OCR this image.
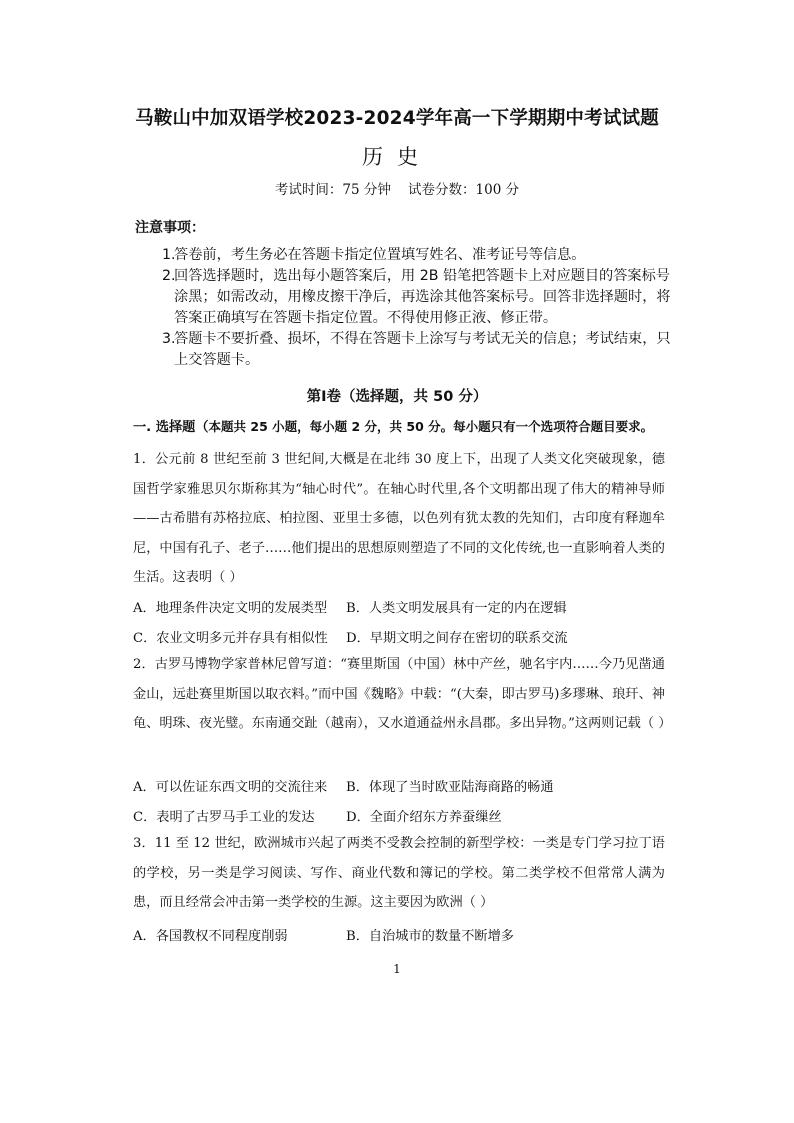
马鞍山中加双语学校2023-2024学年高一下学期期中考试试题
历史
考试时间：75 分钟    试卷分数：100 分
注意事项：
1.
答卷前，考生务必在答题卡指定位置填写姓名、准考证号等信息。
2.
回答选择题时，选出每小题答案后，用 2B 铅笔把答题卡上对应题目的答案标号涂黑；如需改动，用橡皮擦干净后，再选涂其他答案标号。回答非选择题时，将答案正确填写在答题卡指定位置。不得使用修正液、修正带。
3.
答题卡不要折叠、损坏，不得在答题卡上涂写与考试无关的信息；考试结束，只上交答题卡。
第Ⅰ卷（选择题，共 50 分）
一. 选择题（本题共 25 小题，每小题 2 分，共 50 分。每小题只有一个选项符合题目要求。
1．公元前 8 世纪至前 3 世纪间,大概是在北纬 30 度上下，出现了人类文化突破现象，德国哲学家雅思贝尔斯称其为“轴心时代”。在轴心时代里,各个文明都出现了伟大的精神导师——古希腊有苏格拉底、柏拉图、亚里士多德，以色列有犹太教的先知们，古印度有释迦牟尼，中国有孔子、老子……他们提出的思想原则塑造了不同的文化传统,也一直影响着人类的生活。这表明（ ）
A．地理条件决定文明的发展类型 B．人类文明发展具有一定的内在逻辑
C．农业文明多元并存具有相似性 D．早期文明之间存在密切的联系交流
2．古罗马博物学家普林尼曾写道：“赛里斯国（中国）林中产丝，驰名宇内……今乃见凿通金山，远赴赛里斯国以取衣料。”而中国《魏略》中载：“(大秦，即古罗马)多璆琳、琅玕、神龟、明珠、夜光璧。东南通交趾（越南），又水道通益州永昌郡。多出异物。”这两则记载（ ）
A．可以佐证东西文明的交流往来 B．体现了当时欧亚陆海商路的畅通
C．表明了古罗马手工业的发达 D．全面介绍东方养蚕缫丝
3．11 至 12 世纪，欧洲城市兴起了两类不受教会控制的新型学校：一类是专门学习拉丁语的学校，另一类是学习阅读、写作、商业代数和簿记的学校。第二类学校不但常常人满为患，而且经常会冲击第一类学校的生源。这主要因为欧洲（ ）
A．各国教权不同程度削弱	B．自治城市的数量不断增多
1
